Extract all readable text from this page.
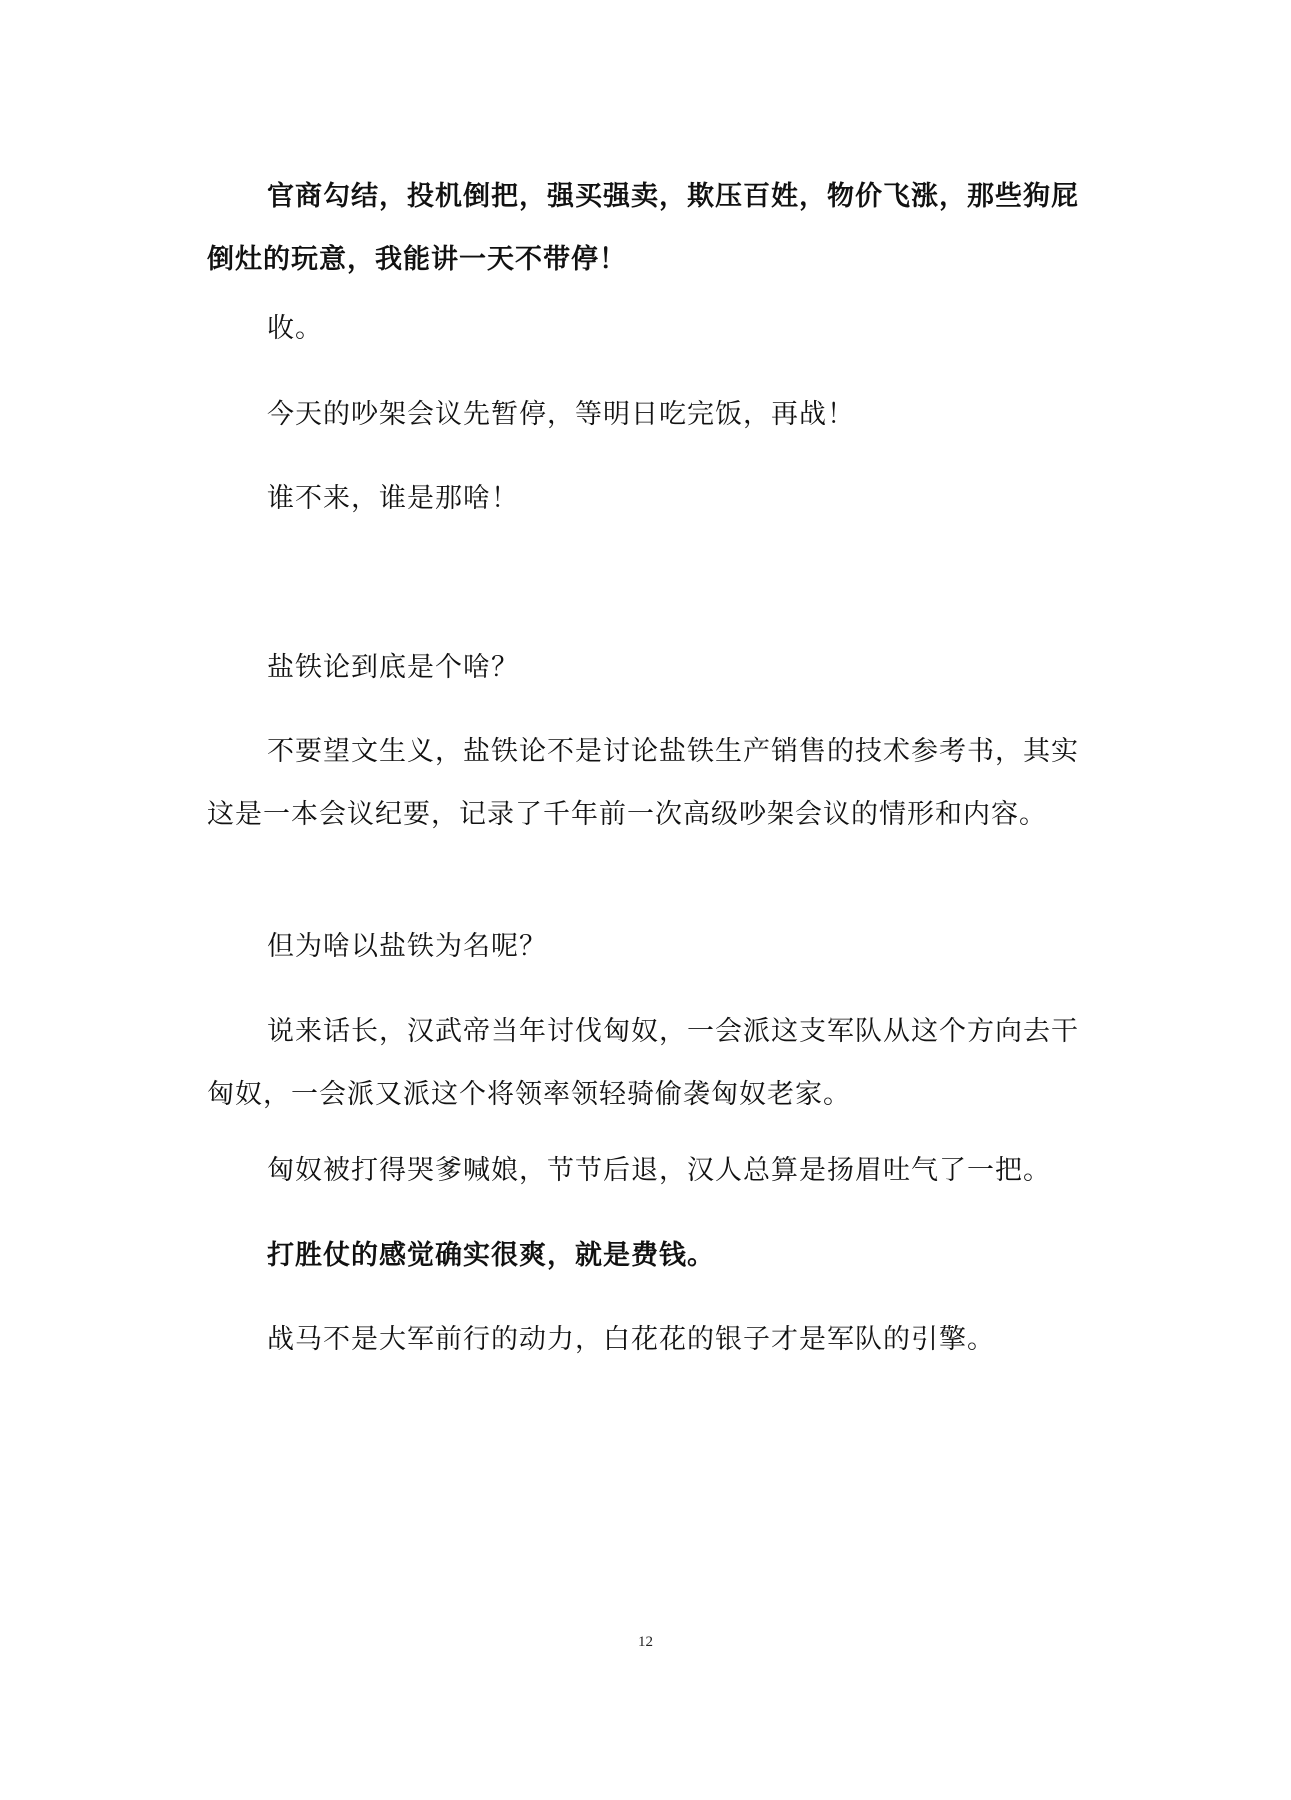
官商勾结，投机倒把，强买强卖，欺压百姓，物价飞涨，那些狗屁倒灶的玩意，我能讲一天不带停！

收。

今天的吵架会议先暂停，等明日吃完饭，再战！

谁不来，谁是那啥！

盐铁论到底是个啥？

不要望文生义，盐铁论不是讨论盐铁生产销售的技术参考书，其实这是一本会议纪要，记录了千年前一次高级吵架会议的情形和内容。

但为啥以盐铁为名呢？

说来话长，汉武帝当年讨伐匈奴，一会派这支军队从这个方向去干匈奴，一会派又派这个将领率领轻骑偷袭匈奴老家。

匈奴被打得哭爹喊娘，节节后退，汉人总算是扬眉吐气了一把。

打胜仗的感觉确实很爽，就是费钱。

战马不是大军前行的动力，白花花的银子才是军队的引擎。

12
